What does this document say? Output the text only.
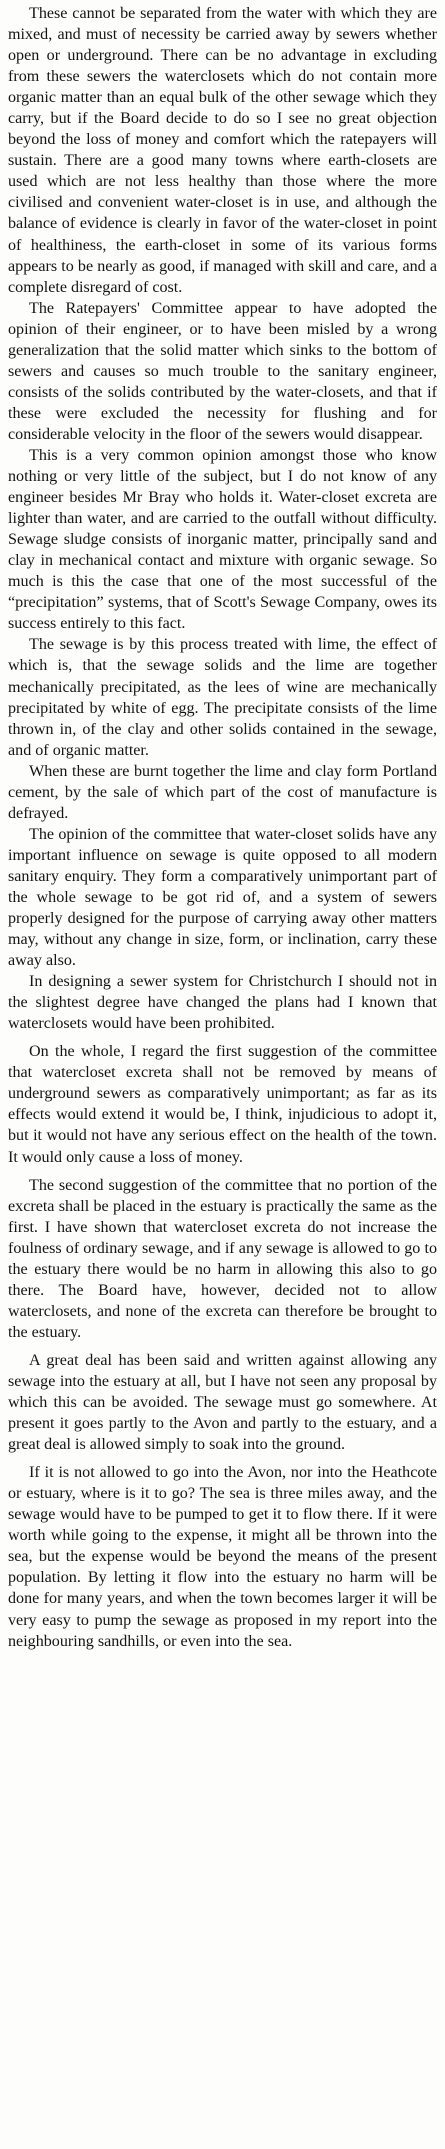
These cannot be separated from the water with which they are mixed, and must of necessity be carried away by sewers whether open or underground. There can be no advantage in excluding from these sewers the waterclosets which do not contain more organic matter than an equal bulk of the other sewage which they carry, but if the Board decide to do so I see no great objection beyond the loss of money and comfort which the ratepayers will sustain. There are a good many towns where earth-closets are used which are not less healthy than those where the more civilised and convenient water-closet is in use, and although the balance of evidence is clearly in favor of the water-closet in point of healthiness, the earth-closet in some of its various forms appears to be nearly as good, if managed with skill and care, and a complete disregard of cost.

The Ratepayers' Committee appear to have adopted the opinion of their engineer, or to have been misled by a wrong generalization that the solid matter which sinks to the bottom of sewers and causes so much trouble to the sanitary engineer, consists of the solids contributed by the water-closets, and that if these were excluded the necessity for flushing and for considerable velocity in the floor of the sewers would disappear.

This is a very common opinion amongst those who know nothing or very little of the subject, but I do not know of any engineer besides Mr Bray who holds it. Water-closet excreta are lighter than water, and are carried to the outfall without difficulty. Sewage sludge consists of inorganic matter, principally sand and clay in mechanical contact and mixture with organic sewage. So much is this the case that one of the most successful of the “precipitation” systems, that of Scott's Sewage Company, owes its success entirely to this fact.

The sewage is by this process treated with lime, the effect of which is, that the sewage solids and the lime are together mechanically precipitated, as the lees of wine are mechanically precipitated by white of egg. The precipitate consists of the lime thrown in, of the clay and other solids contained in the sewage, and of organic matter.

When these are burnt together the lime and clay form Portland cement, by the sale of which part of the cost of manufacture is defrayed.

The opinion of the committee that water-closet solids have any important influence on sewage is quite opposed to all modern sanitary enquiry. They form a comparatively unimportant part of the whole sewage to be got rid of, and a system of sewers properly designed for the purpose of carrying away other matters may, without any change in size, form, or inclination, carry these away also.

In designing a sewer system for Christchurch I should not in the slightest degree have changed the plans had I known that waterclosets would have been prohibited.

On the whole, I regard the first suggestion of the committee that watercloset excreta shall not be removed by means of underground sewers as comparatively unimportant; as far as its effects would extend it would be, I think, injudicious to adopt it, but it would not have any serious effect on the health of the town. It would only cause a loss of money.

The second suggestion of the committee that no portion of the excreta shall be placed in the estuary is practically the same as the first. I have shown that watercloset excreta do not increase the foulness of ordinary sewage, and if any sewage is allowed to go to the estuary there would be no harm in allowing this also to go there. The Board have, however, decided not to allow waterclosets, and none of the excreta can therefore be brought to the estuary.

A great deal has been said and written against allowing any sewage into the estuary at all, but I have not seen any proposal by which this can be avoided. The sewage must go somewhere. At present it goes partly to the Avon and partly to the estuary, and a great deal is allowed simply to soak into the ground.

If it is not allowed to go into the Avon, nor into the Heathcote or estuary, where is it to go? The sea is three miles away, and the sewage would have to be pumped to get it to flow there. If it were worth while going to the expense, it might all be thrown into the sea, but the expense would be beyond the means of the present population. By letting it flow into the estuary no harm will be done for many years, and when the town becomes larger it will be very easy to pump the sewage as proposed in my report into the neighbouring sandhills, or even into the sea.
